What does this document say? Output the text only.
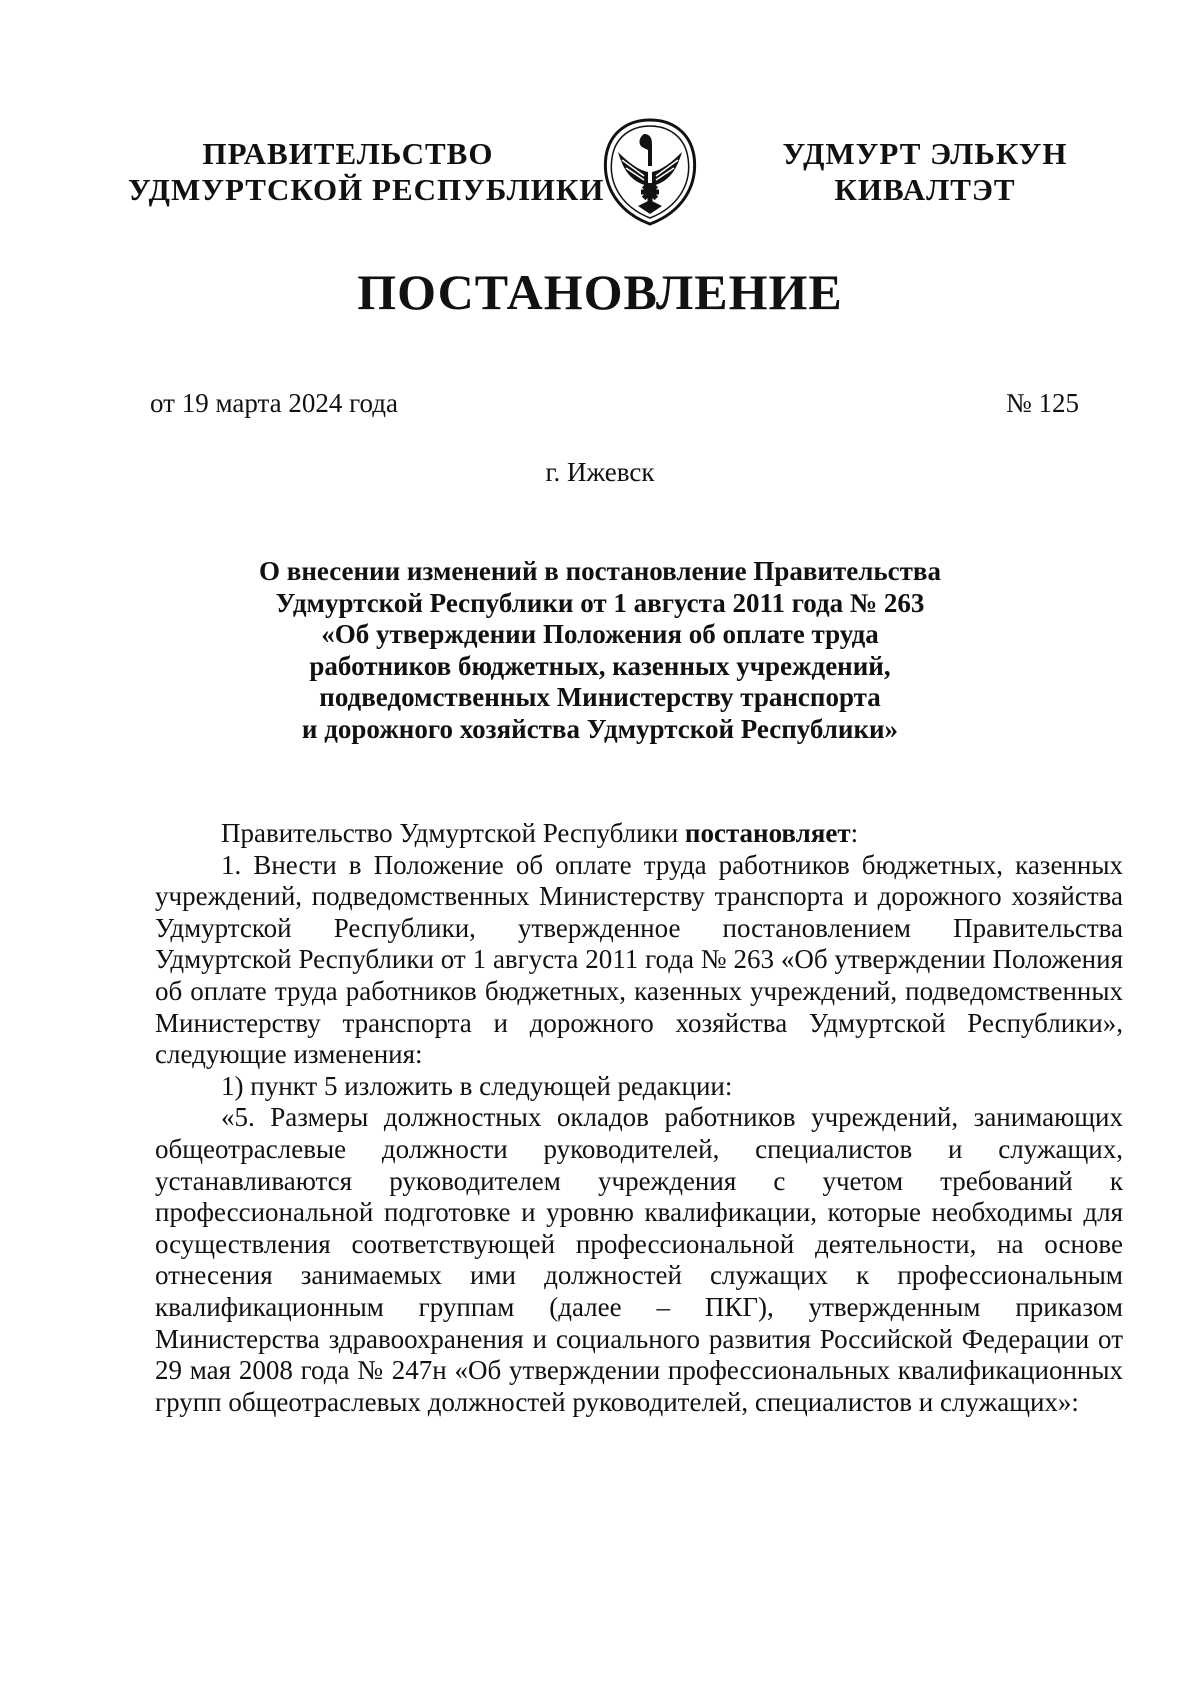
ПРАВИТЕЛЬСТВО
УДМУРТСКОЙ РЕСПУБЛИКИ
УДМУРТ ЭЛЬКУН
КИВАЛТЭТ
ПОСТАНОВЛЕНИЕ
от 19 марта 2024 года	№ 125
г. Ижевск
О внесении изменений в постановление Правительства
Удмуртской Республики от 1 августа 2011 года № 263
«Об утверждении Положения об оплате труда
работников бюджетных, казенных учреждений,
подведомственных Министерству транспорта
и дорожного хозяйства Удмуртской Республики»

Правительство Удмуртской Республики постановляет:

1. Внести в Положение об оплате труда работников бюджетных, казенных учреждений, подведомственных Министерству транспорта и дорожного хозяйства Удмуртской Республики, утвержденное постановлением Правительства Удмуртской Республики от 1 августа 2011 года № 263 «Об утверждении Положения об оплате труда работников бюджетных, казенных учреждений, подведомственных Министерству транспорта и дорожного хозяйства Удмуртской Республики», следующие изменения:

1) пункт 5 изложить в следующей редакции:

«5. Размеры должностных окладов работников учреждений, занимающих общеотраслевые должности руководителей, специалистов и служащих, устанавливаются руководителем учреждения с учетом требований к профессиональной подготовке и уровню квалификации, которые необходимы для осуществления соответствующей профессиональной деятельности, на основе отнесения занимаемых ими должностей служащих к профессиональным квалификационным группам (далее – ПКГ), утвержденным приказом Министерства здравоохранения и социального развития Российской Федерации от 29 мая 2008 года № 247н «Об утверждении профессиональных квалификационных групп общеотраслевых должностей руководителей, специалистов и служащих»:
